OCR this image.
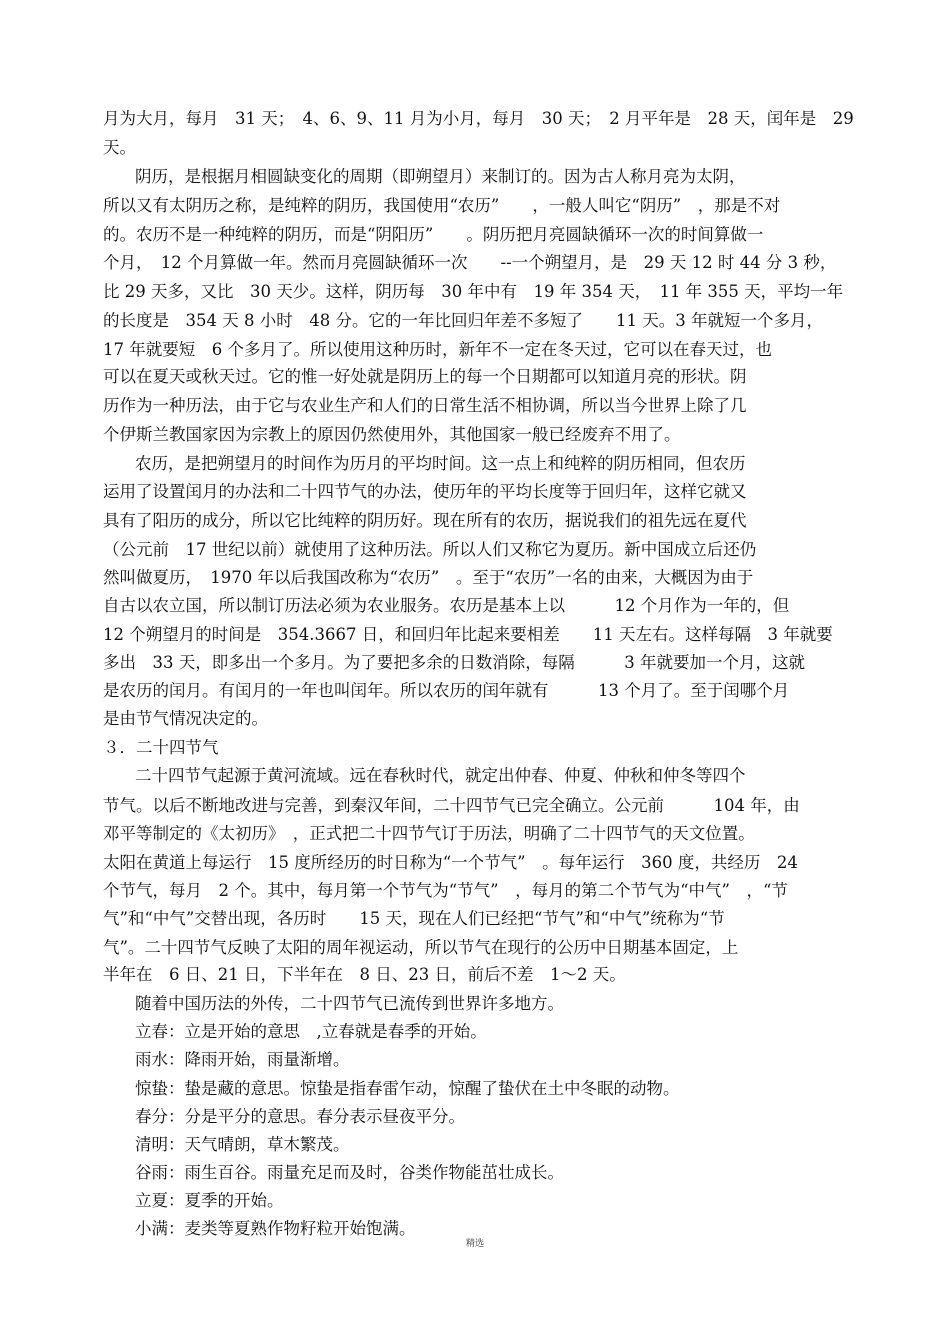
月为大月，每月　31 天；　4、6、9、11 月为小月，每月　30 天；　2 月平年是　28 天，闰年是　29
天。
阴历，是根据月相圆缺变化的周期（即朔望月）来制订的。因为古人称月亮为太阴，
所以又有太阴历之称，是纯粹的阴历，我国使用“农历”　　，一般人叫它“阴历”　，那是不对
的。农历不是一种纯粹的阴历，而是“阴阳历”　　。阴历把月亮圆缺循环一次的时间算做一
个月，　12 个月算做一年。然而月亮圆缺循环一次　　--一个朔望月，是　29 天 12 时 44 分 3 秒，
比 29 天多，又比　30 天少。这样，阴历每　30 年中有　19 年 354 天，　11 年 355 天，平均一年
的长度是　354 天 8 小时　48 分。它的一年比回归年差不多短了　　11 天。3 年就短一个多月，
17 年就要短　6 个多月了。所以使用这种历时，新年不一定在冬天过，它可以在春天过，也
可以在夏天或秋天过。它的惟一好处就是阴历上的每一个日期都可以知道月亮的形状。阴
历作为一种历法，由于它与农业生产和人们的日常生活不相协调，所以当今世界上除了几
个伊斯兰教国家因为宗教上的原因仍然使用外，其他国家一般已经废弃不用了。
农历，是把朔望月的时间作为历月的平均时间。这一点上和纯粹的阴历相同，但农历
运用了设置闰月的办法和二十四节气的办法，使历年的平均长度等于回归年，这样它就又
具有了阳历的成分，所以它比纯粹的阴历好。现在所有的农历，据说我们的祖先远在夏代
（公元前　17 世纪以前）就使用了这种历法。所以人们又称它为夏历。新中国成立后还仍
然叫做夏历，　1970 年以后我国改称为“农历”　。至于“农历”一名的由来，大概因为由于
自古以农立国，所以制订历法必须为农业服务。农历是基本上以　　　12 个月作为一年的，但
12 个朔望月的时间是　354.3667 日，和回归年比起来要相差　　11 天左右。这样每隔　3 年就要
多出　33 天，即多出一个多月。为了要把多余的日数消除，每隔　　　3 年就要加一个月，这就
是农历的闰月。有闰月的一年也叫闰年。所以农历的闰年就有　　　13 个月了。至于闰哪个月
是由节气情况决定的。
３．二十四节气
二十四节气起源于黄河流域。远在春秋时代，就定出仲春、仲夏、仲秋和仲冬等四个
节气。以后不断地改进与完善，到秦汉年间，二十四节气已完全确立。公元前　　　104 年，由
邓平等制定的《太初历》　，正式把二十四节气订于历法，明确了二十四节气的天文位置。
太阳在黄道上每运行　15 度所经历的时日称为“一个节气”　。每年运行　360 度，共经历　24
个节气，每月　2 个。其中，每月第一个节气为“节气”　，每月的第二个节气为“中气”　，“节
气”和“中气”交替出现，各历时　　15 天，现在人们已经把“节气”和“中气”统称为“节
气”。二十四节气反映了太阳的周年视运动，所以节气在现行的公历中日期基本固定，上
半年在　6 日、21 日，下半年在　8 日、23 日，前后不差　1～2 天。
随着中国历法的外传，二十四节气已流传到世界许多地方。
立春：立是开始的意思　,立春就是春季的开始。
雨水：降雨开始，雨量渐增。
惊蛰：蛰是藏的意思。惊蛰是指春雷乍动，惊醒了蛰伏在土中冬眠的动物。
春分：分是平分的意思。春分表示昼夜平分。
清明：天气晴朗，草木繁茂。
谷雨：雨生百谷。雨量充足而及时，谷类作物能茁壮成长。
立夏：夏季的开始。
小满：麦类等夏熟作物籽粒开始饱满。
精选
